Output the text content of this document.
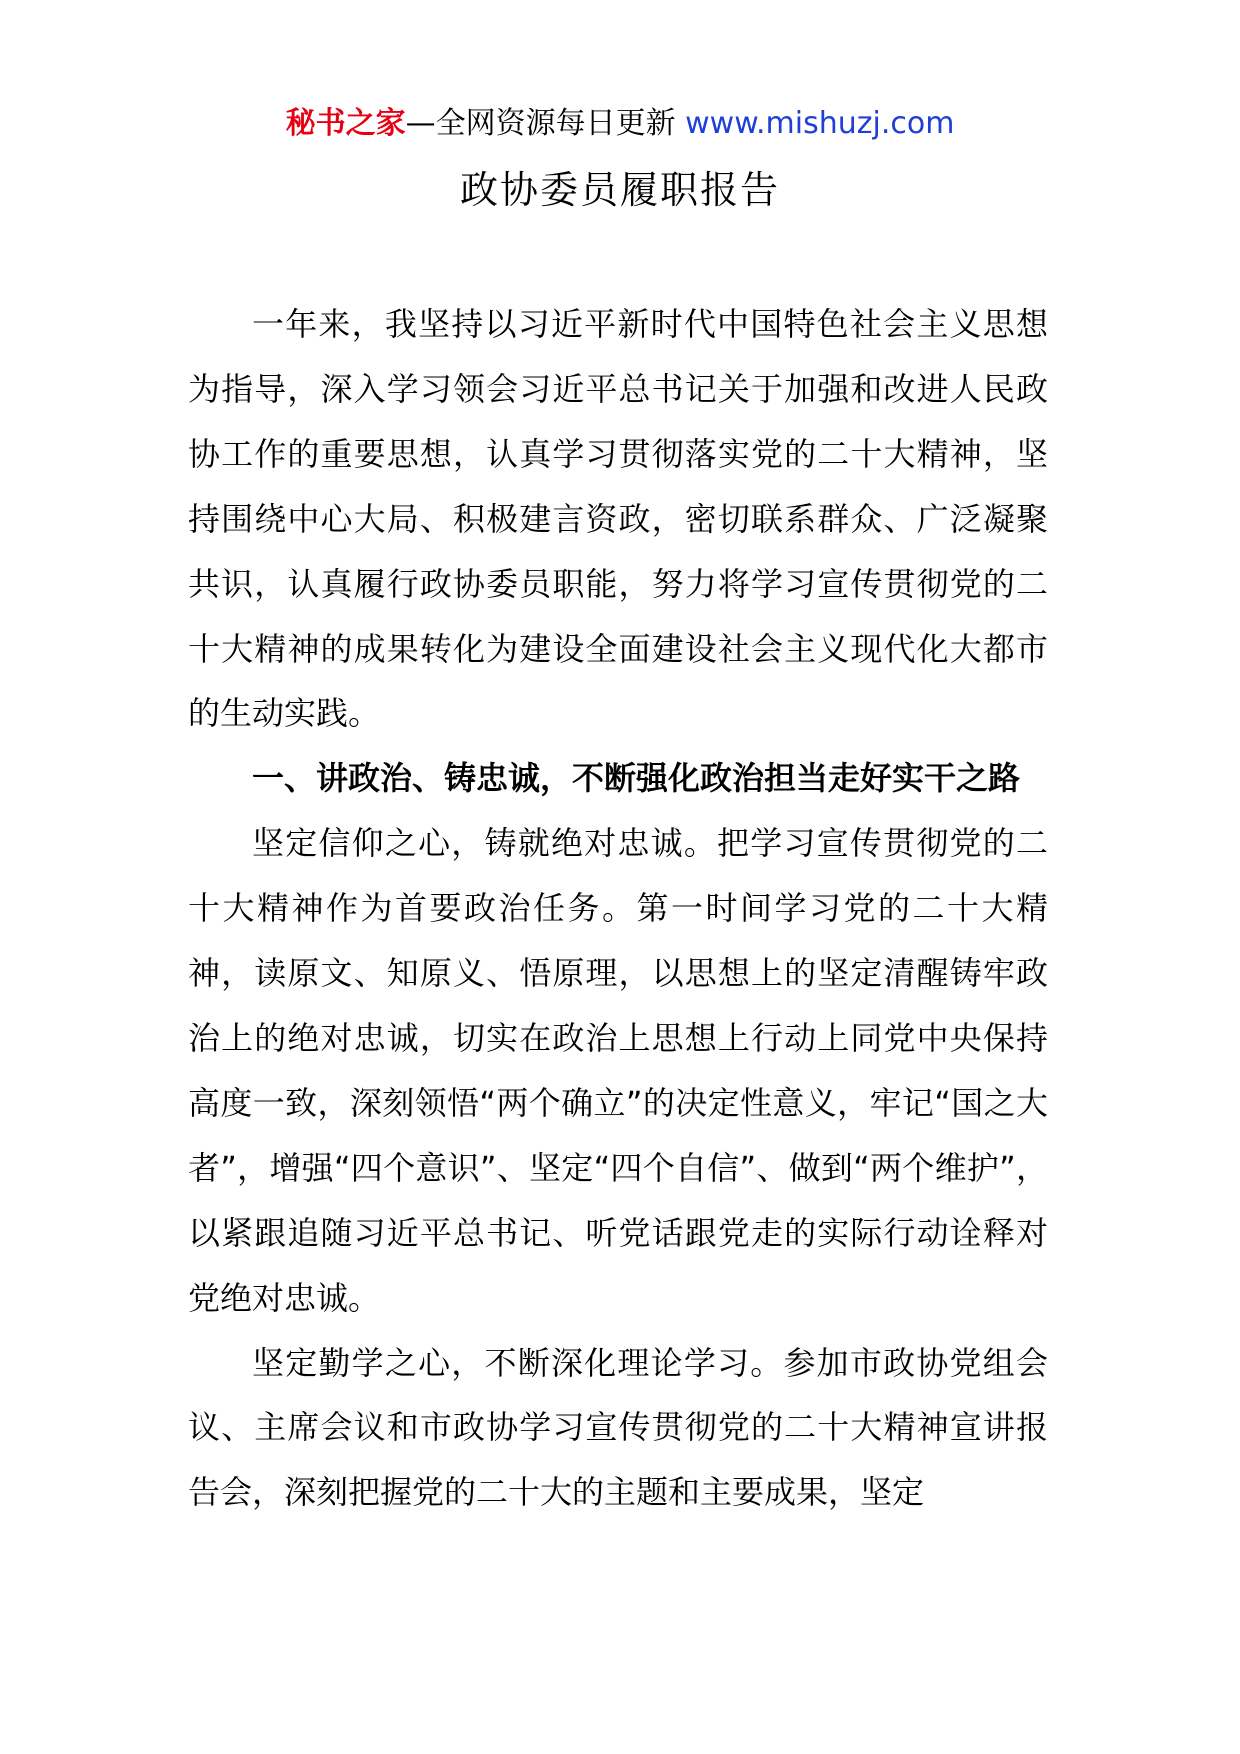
秘书之家—全网资源每日更新 www.mishuzj.com
政协委员履职报告

一年来，我坚持以习近平新时代中国特色社会主义思想为指导，深入学习领会习近平总书记关于加强和改进人民政协工作的重要思想，认真学习贯彻落实党的二十大精神，坚持围绕中心大局、积极建言资政，密切联系群众、广泛凝聚共识，认真履行政协委员职能，努力将学习宣传贯彻党的二十大精神的成果转化为建设全面建设社会主义现代化大都市的生动实践。

一、讲政治、铸忠诚，不断强化政治担当走好实干之路

坚定信仰之心，铸就绝对忠诚。把学习宣传贯彻党的二十大精神作为首要政治任务。第一时间学习党的二十大精神，读原文、知原义、悟原理，以思想上的坚定清醒铸牢政治上的绝对忠诚，切实在政治上思想上行动上同党中央保持高度一致，深刻领悟“两个确立”的决定性意义，牢记“国之大者”，增强“四个意识”、坚定“四个自信”、做到“两个维护”，以紧跟追随习近平总书记、听党话跟党走的实际行动诠释对党绝对忠诚。

坚定勤学之心，不断深化理论学习。参加市政协党组会议、主席会议和市政协学习宣传贯彻党的二十大精神宣讲报告会，深刻把握党的二十大的主题和主要成果，坚定
